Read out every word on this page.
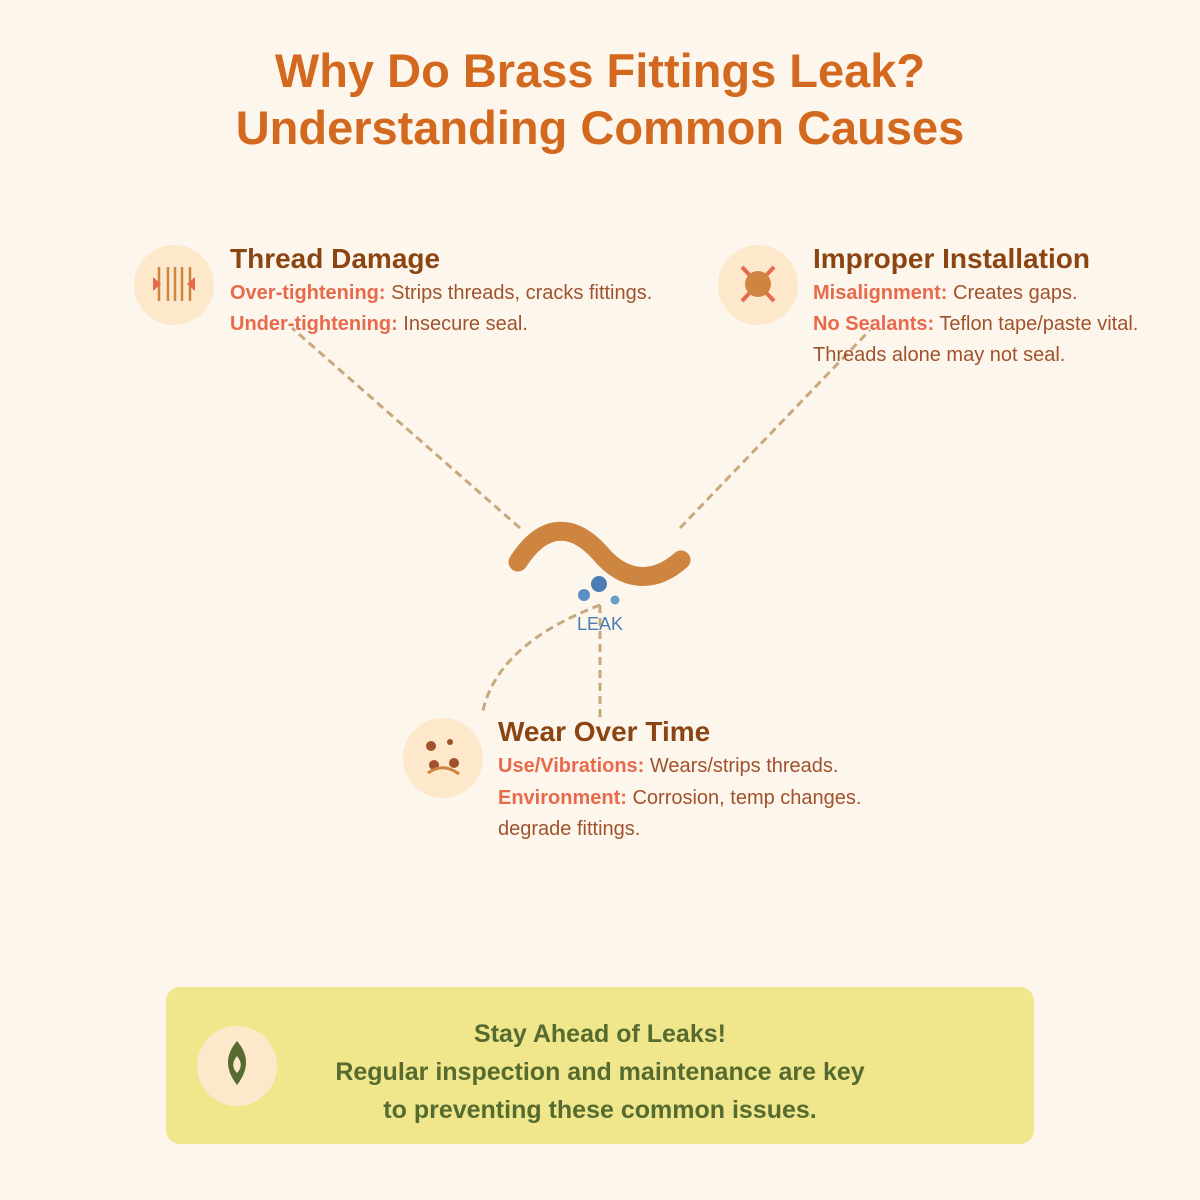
Why Do Brass Fittings Leak?
Understanding Common Causes
LEAK
Thread Damage
Over-tightening: Strips threads, cracks fittings.
Under-tightening: Insecure seal.
Improper Installation
Misalignment: Creates gaps.
No Sealants: Teflon tape/paste vital.
Threads alone may not seal.
Wear Over Time
Use/Vibrations: Wears/strips threads.
Environment: Corrosion, temp changes.
degrade fittings.
Stay Ahead of Leaks!
Regular inspection and maintenance are key
to preventing these common issues.
